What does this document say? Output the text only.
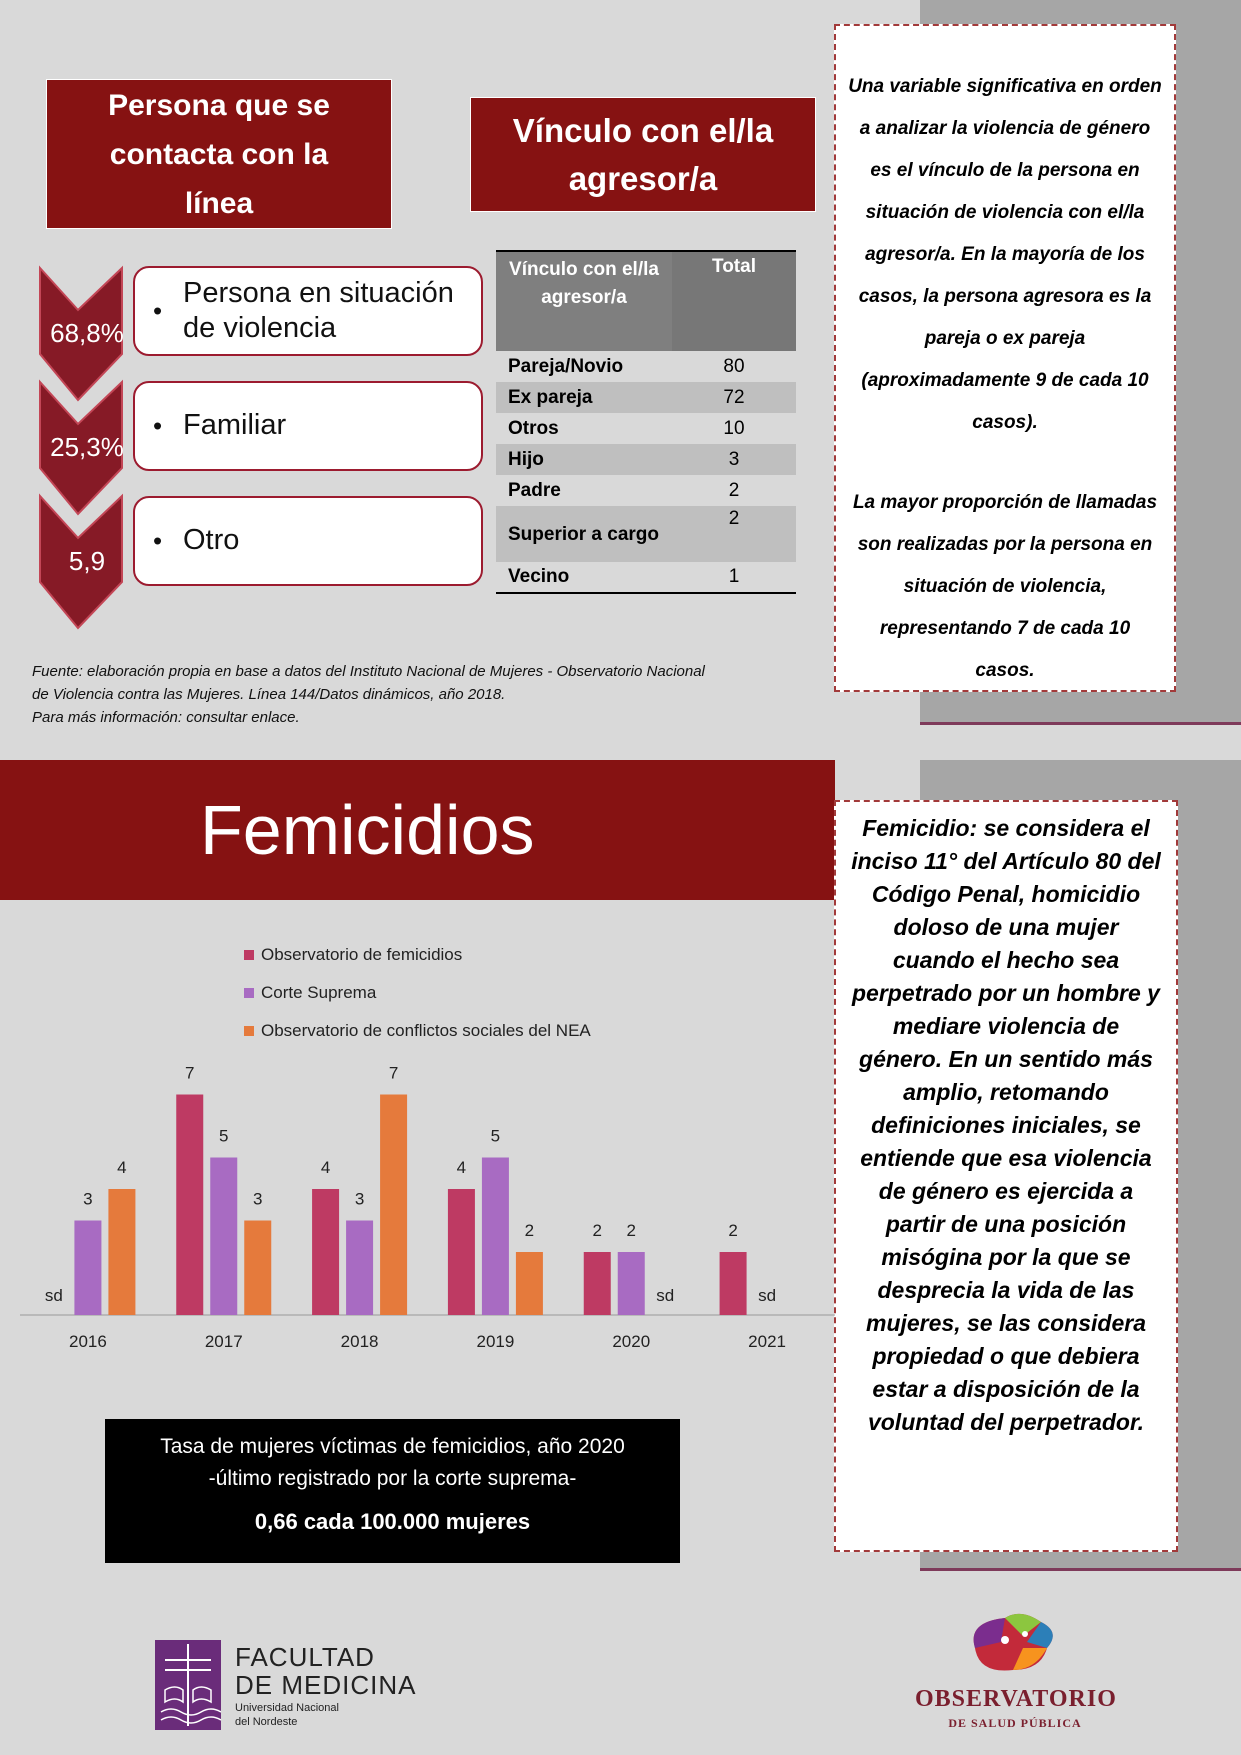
Persona que se contacta con la línea
68,8%
25,3%
5,9
•
Persona en situación de violencia
• Familiar
• Otro
Vínculo con el/la agresor/a
Vínculo con el/la agresor/a	Total
Pareja/Novio	80
Ex pareja	72
Otros	10
Hijo	3
Padre	2
Superior a cargo	2
Vecino	1
Fuente: elaboración propia en base a datos del Instituto Nacional de Mujeres - Observatorio Nacional
de Violencia contra las Mujeres. Línea 144/Datos dinámicos, año 2018.
Para más información: consultar enlace.
Una variable significativa en orden a analizar la violencia de género es el vínculo de la persona en situación de violencia con el/la agresor/a. En la mayoría de los casos, la persona agresora es la pareja o ex pareja (aproximadamente 9 de cada 10 casos).
La mayor proporción de llamadas son realizadas por la persona en situación de violencia, representando 7 de cada 10 casos.
Femicidios	Femicidio: se considera el inciso 11° del Artículo 80 del Código Penal, homicidio doloso de una mujer cuando el hecho sea perpetrado por un hombre y mediare violencia de género. En un sentido más amplio, retomando definiciones iniciales, se entiende que esa violencia de género es ejercida a partir de una posición misógina por la que se desprecia la vida de las mujeres, se las considera propiedad o que debiera estar a disposición de la voluntad del perpetrador.
Observatorio de femicidios
Corte Suprema
Observatorio de conflictos sociales del NEA
sd
3
4
2016
7
5
3
2017
4
3
7
2018
4
5
2
2019
2 2
sd
2020
2
sd
2021
Tasa de mujeres víctimas de femicidios, año 2020
-último registrado por la corte suprema-
0,66 cada 100.000 mujeres
FACULTAD
DE MEDICINA
Universidad Nacional
del Nordeste
OBSERVATORIO
DE SALUD PÚBLICA
